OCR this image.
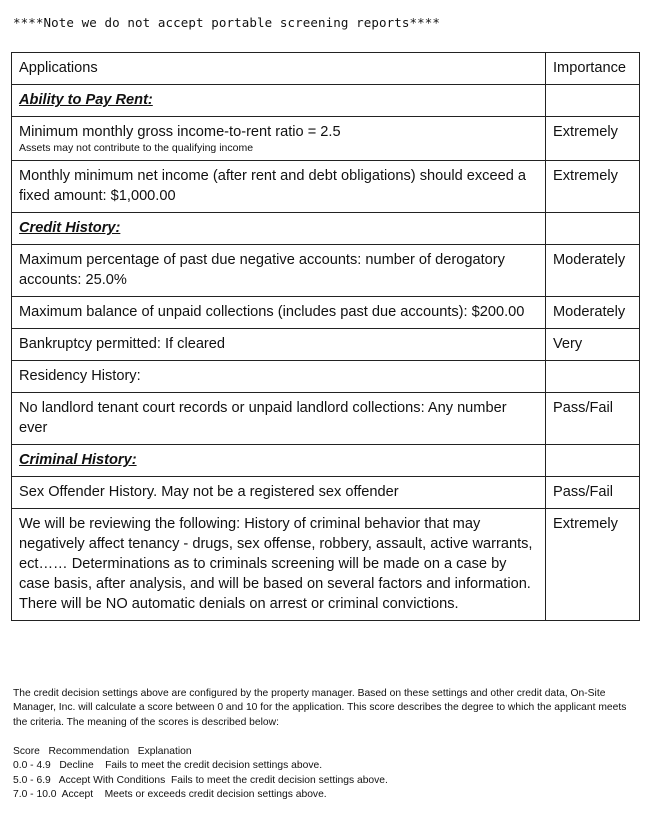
****Note we do not accept portable screening reports****
Applications	Importance
Ability to Pay Rent:	
Minimum monthly gross income-to-rent ratio = 2.5
Assets may not contribute to the qualifying income	Extremely
Monthly minimum net income (after rent and debt obligations) should exceed a fixed amount: $1,000.00	Extremely
Credit History:	
Maximum percentage of past due negative accounts: number of derogatory accounts: 25.0%	Moderately
Maximum balance of unpaid collections (includes past due accounts): $200.00	Moderately
Bankruptcy permitted: If cleared	Very
Residency History:	
No landlord tenant court records or unpaid landlord collections: Any number ever	Pass/Fail
Criminal History:	
Sex Offender History. May not be a registered sex offender	Pass/Fail
We will be reviewing the following: History of criminal behavior that may negatively affect tenancy - drugs, sex offense, robbery, assault, active warrants, ect…… Determinations as to criminals screening will be made on a case by case basis, after analysis, and will be based on several factors and information. There will be NO automatic denials on arrest or criminal convictions.	Extremely

The credit decision settings above are configured by the property manager. Based on these settings and other credit data, On-Site Manager, Inc. will calculate a score between 0 and 10 for the application. This score describes the degree to which the applicant meets the criteria. The meaning of the scores is described below:

Score   Recommendation   Explanation
0.0 - 4.9   Decline    Fails to meet the credit decision settings above.
5.0 - 6.9   Accept With Conditions  Fails to meet the credit decision settings above.
7.0 - 10.0  Accept    Meets or exceeds credit decision settings above.
